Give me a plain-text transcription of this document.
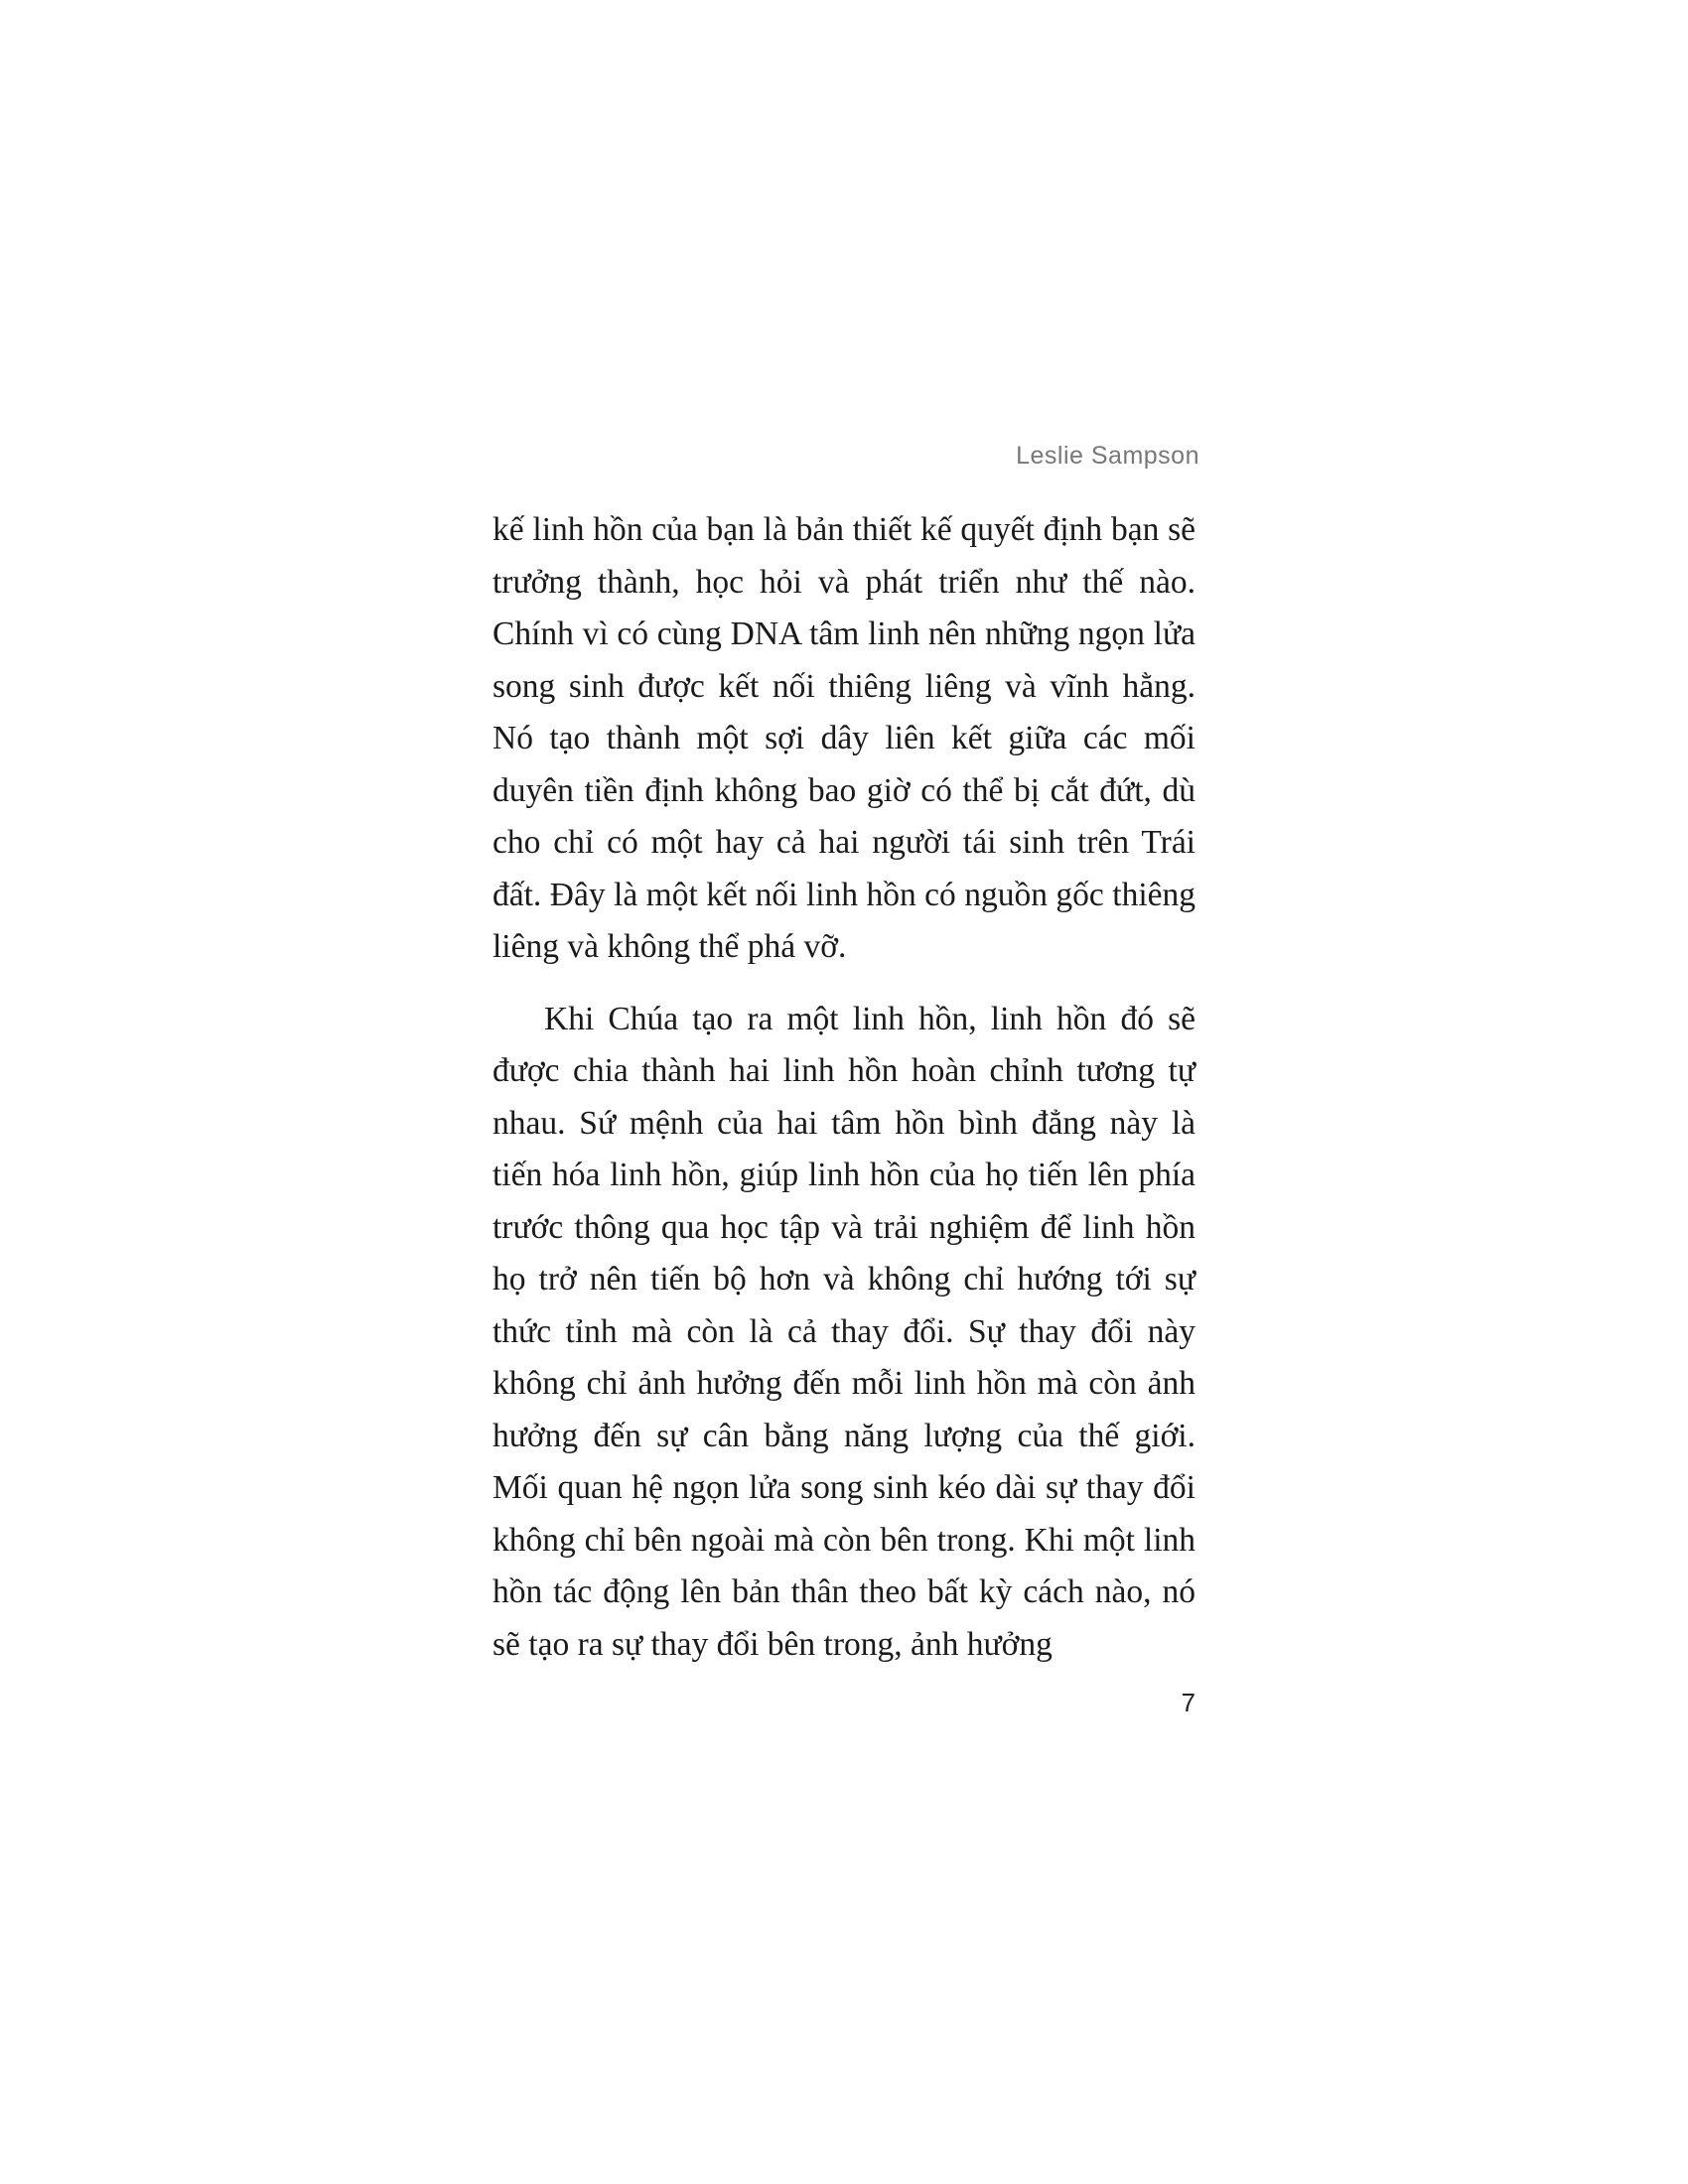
Leslie Sampson

kế linh hồn của bạn là bản thiết kế quyết định bạn sẽ trưởng thành, học hỏi và phát triển như thế nào. Chính vì có cùng DNA tâm linh nên những ngọn lửa song sinh được kết nối thiêng liêng và vĩnh hằng. Nó tạo thành một sợi dây liên kết giữa các mối duyên tiền định không bao giờ có thể bị cắt đứt, dù cho chỉ có một hay cả hai người tái sinh trên Trái đất. Đây là một kết nối linh hồn có nguồn gốc thiêng liêng và không thể phá vỡ.

Khi Chúa tạo ra một linh hồn, linh hồn đó sẽ được chia thành hai linh hồn hoàn chỉnh tương tự nhau. Sứ mệnh của hai tâm hồn bình đẳng này là tiến hóa linh hồn, giúp linh hồn của họ tiến lên phía trước thông qua học tập và trải nghiệm để linh hồn họ trở nên tiến bộ hơn và không chỉ hướng tới sự thức tỉnh mà còn là cả thay đổi. Sự thay đổi này không chỉ ảnh hưởng đến mỗi linh hồn mà còn ảnh hưởng đến sự cân bằng năng lượng của thế giới. Mối quan hệ ngọn lửa song sinh kéo dài sự thay đổi không chỉ bên ngoài mà còn bên trong. Khi một linh hồn tác động lên bản thân theo bất kỳ cách nào, nó sẽ tạo ra sự thay đổi bên trong, ảnh hưởng

7
